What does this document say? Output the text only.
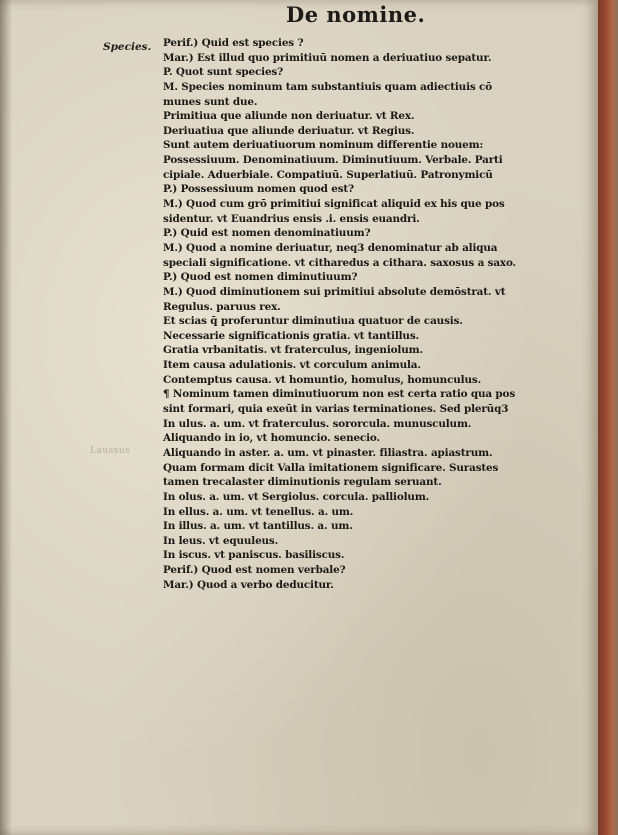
De nomine.
Species.
Laussus
Perif.) Quid est species ?
Mar.) Est illud quo primitiuū nomen a deriuatiuo sepatur.
P. Quot sunt species?
M. Species nominum tam substantiuis quam adiectiuis cō
munes sunt due.
Primitiua que aliunde non deriuatur. vt Rex.
Deriuatiua que aliunde deriuatur. vt Regius.
Sunt autem deriuatiuorum nominum differentie nouem:
Possessiuum. Denominatiuum. Diminutiuum. Verbale. Parti
cipiale. Aduerbiale. Compatiuū. Superlatiuū. Patronymicū
P.) Possessiuum nomen quod est?
M.) Quod cum grō primitiui significat aliquid ex his que pos
sidentur. vt Euandrius ensis .i. ensis euandri.
P.) Quid est nomen denominatiuum?
M.) Quod a nomine deriuatur, neq3 denominatur ab aliqua
speciali significatione. vt citharedus a cithara. saxosus a saxo.
P.) Quod est nomen diminutiuum?
M.) Quod diminutionem sui primitiui absolute demōstrat. vt
Regulus. paruus rex.
Et scias q̄ proferuntur diminutiua quatuor de causis.
Necessarie significationis gratia. vt tantillus.
Gratia vrbanitatis. vt fraterculus, ingeniolum.
Item causa adulationis. vt corculum animula.
Contemptus causa. vt homuntio, homulus, homunculus.
¶ Nominum tamen diminutiuorum non est certa ratio qua pos
sint formari, quia exeūt in varias terminationes. Sed plerūq3
In ulus. a. um. vt fraterculus. sororcula. munusculum.
Aliquando in io, vt homuncio. senecio.
Aliquando in aster. a. um. vt pinaster. filiastra. apiastrum.
Quam formam dicit Valla imitationem significare. Surastes
tamen trecalaster diminutionis regulam seruant.
In olus. a. um. vt Sergiolus. corcula. palliolum.
In ellus. a. um. vt tenellus. a. um.
In illus. a. um. vt tantillus. a. um.
In leus. vt equuleus.
In iscus. vt paniscus. basiliscus.
Perif.) Quod est nomen verbale?
Mar.) Quod a verbo deducitur.
